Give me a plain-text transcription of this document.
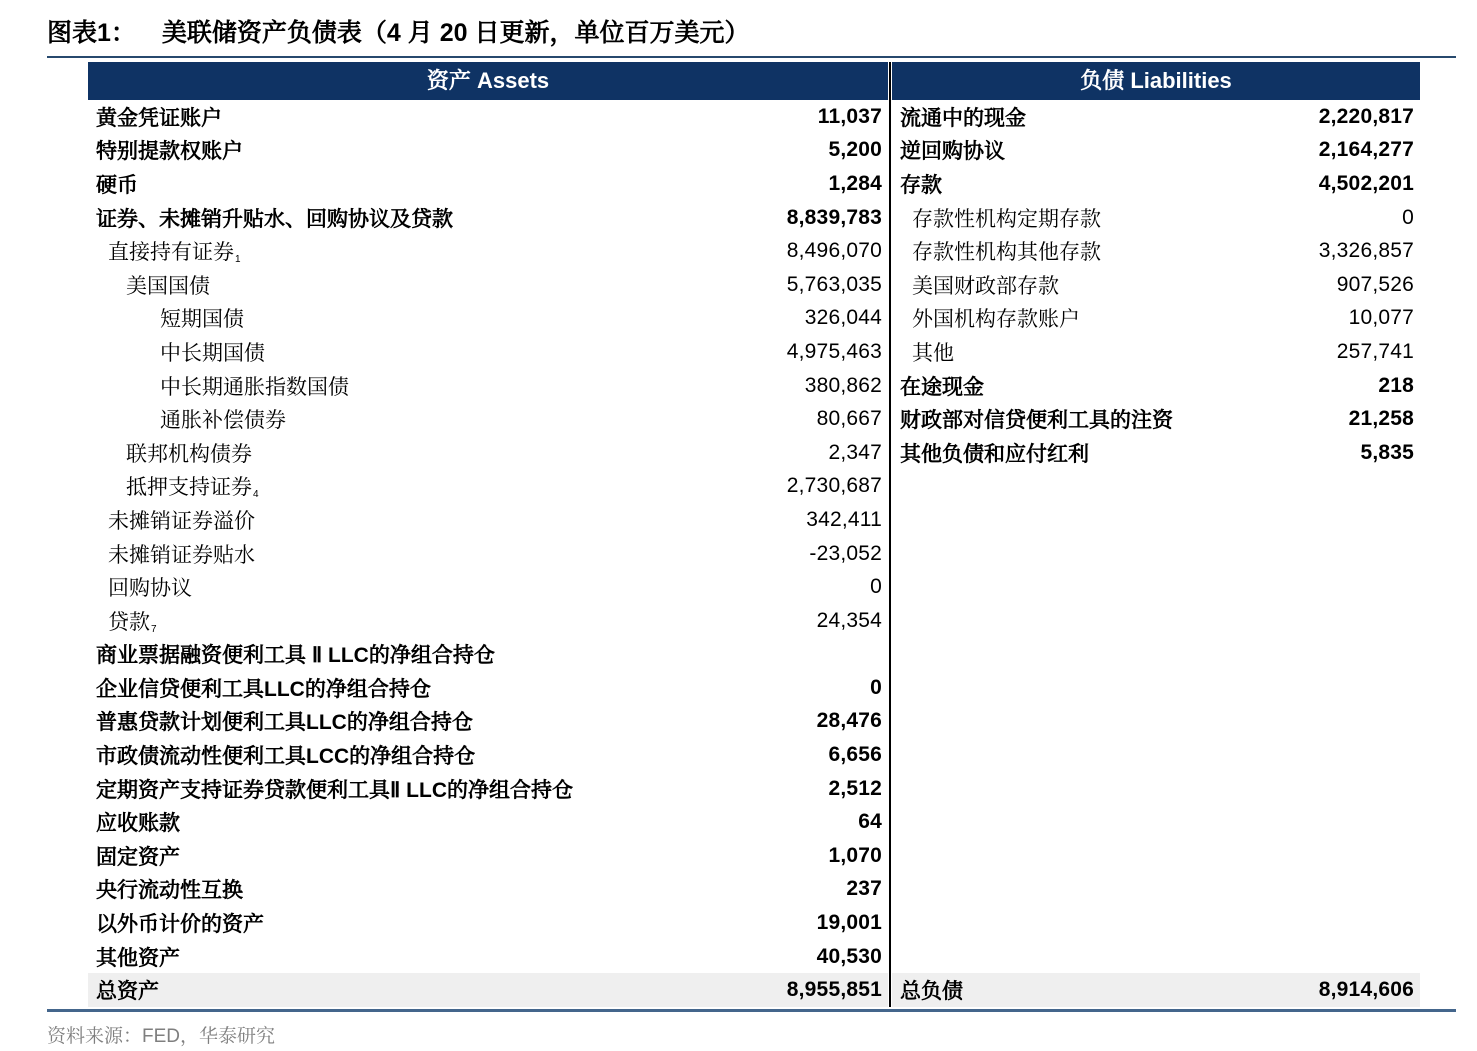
图表1： 美联储资产负债表（4 月 20 日更新，单位百万美元）
资产 Assets
黄金凭证账户	11,037
特别提款权账户	5,200
硬币	1,284
证券、未摊销升贴水、回购协议及贷款	8,839,783
直接持有证券1	8,496,070
美国国债	5,763,035
短期国债	326,044
中长期国债	4,975,463
中长期通胀指数国债	380,862
通胀补偿债券	80,667
联邦机构债券	2,347
抵押支持证券4	2,730,687
未摊销证券溢价	342,411
未摊销证券贴水	-23,052
回购协议	0
贷款7	24,354
商业票据融资便利工具 Ⅱ LLC的净组合持仓
企业信贷便利工具LLC的净组合持仓	0
普惠贷款计划便利工具LLC的净组合持仓	28,476
市政债流动性便利工具LCC的净组合持仓	6,656
定期资产支持证券贷款便利工具Ⅱ LLC的净组合持仓	2,512
应收账款	64
固定资产	1,070
央行流动性互换	237
以外币计价的资产	19,001
其他资产	40,530
总资产	8,955,851
负债 Liabilities
流通中的现金	2,220,817
逆回购协议	2,164,277
存款	4,502,201
存款性机构定期存款	0
存款性机构其他存款	3,326,857
美国财政部存款	907,526
外国机构存款账户	10,077
其他	257,741
在途现金	218
财政部对信贷便利工具的注资	21,258
其他负债和应付红利	5,835
总负债	8,914,606
资料来源：FED，华泰研究
